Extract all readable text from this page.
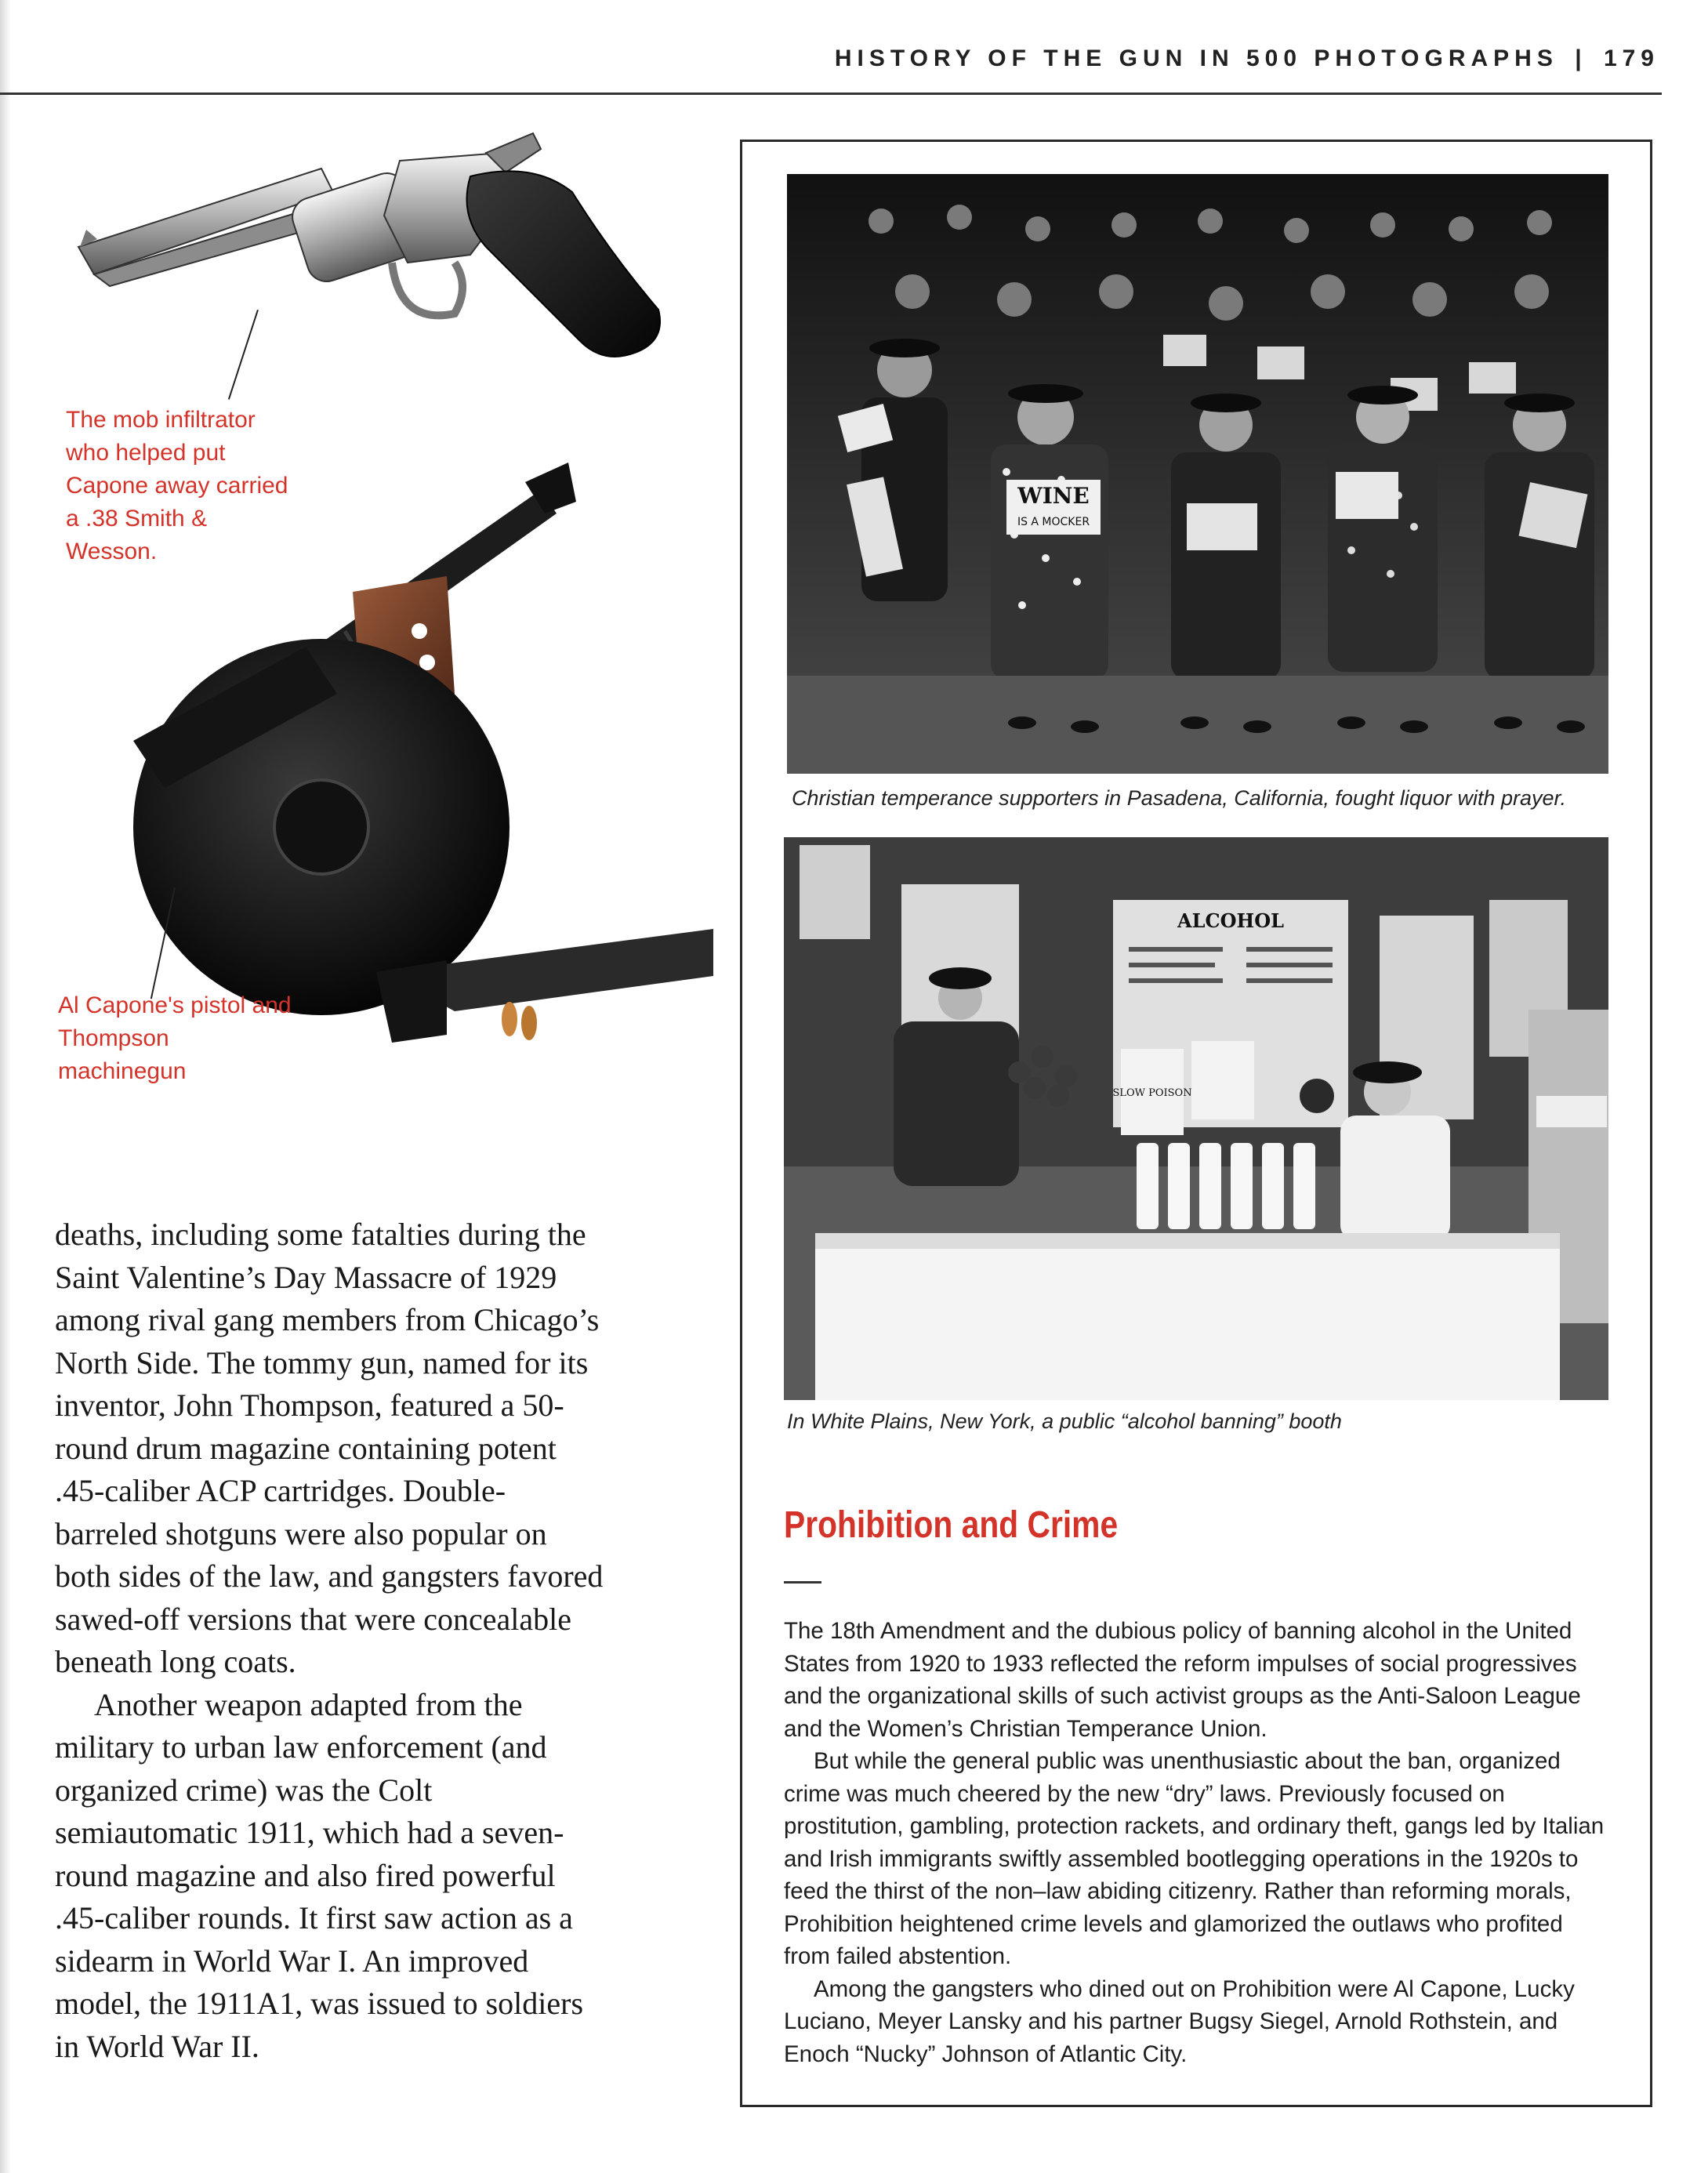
HISTORY OF THE GUN IN 500 PHOTOGRAPHS | 179
The mob infiltrator who helped put Capone away carried a .38 Smith & Wesson.
Al Capone's pistol and Thompson machinegun

deaths, including some fatalties during the Saint Valentine’s Day Massacre of 1929 among rival gang members from Chicago’s North Side. The tommy gun, named for its inventor, John Thompson, featured a 50-round drum magazine containing potent .45-caliber ACP cartridges. Double-barreled shotguns were also popular on both sides of the law, and gangsters favored sawed-off versions that were concealable beneath long coats.

Another weapon adapted from the military to urban law enforcement (and organized crime) was the Colt semiautomatic 1911, which had a seven-round magazine and also fired powerful .45-caliber rounds. It first saw action as a sidearm in World War I. An improved model, the 1911A1, was issued to soldiers in World War II.

WINE
IS A MOCKER
Christian temperance supporters in Pasadena, California, fought liquor with prayer.
ALCOHOL
SLOW POISON
In White Plains, New York, a public “alcohol banning” booth
Prohibition and Crime

The 18th Amendment and the dubious policy of banning alcohol in the United States from 1920 to 1933 reflected the reform impulses of social progressives and the organizational skills of such activist groups as the Anti-Saloon League and the Women’s Christian Temperance Union.

But while the general public was unenthusiastic about the ban, organized crime was much cheered by the new “dry” laws. Previously focused on prostitution, gambling, protection rackets, and ordinary theft, gangs led by Italian and Irish immigrants swiftly assembled bootlegging operations in the 1920s to feed the thirst of the non–law abiding citizenry. Rather than reforming morals, Prohibition heightened crime levels and glamorized the outlaws who profited from failed abstention.

Among the gangsters who dined out on Prohibition were Al Capone, Lucky Luciano, Meyer Lansky and his partner Bugsy Siegel, Arnold Rothstein, and Enoch “Nucky” Johnson of Atlantic City.
